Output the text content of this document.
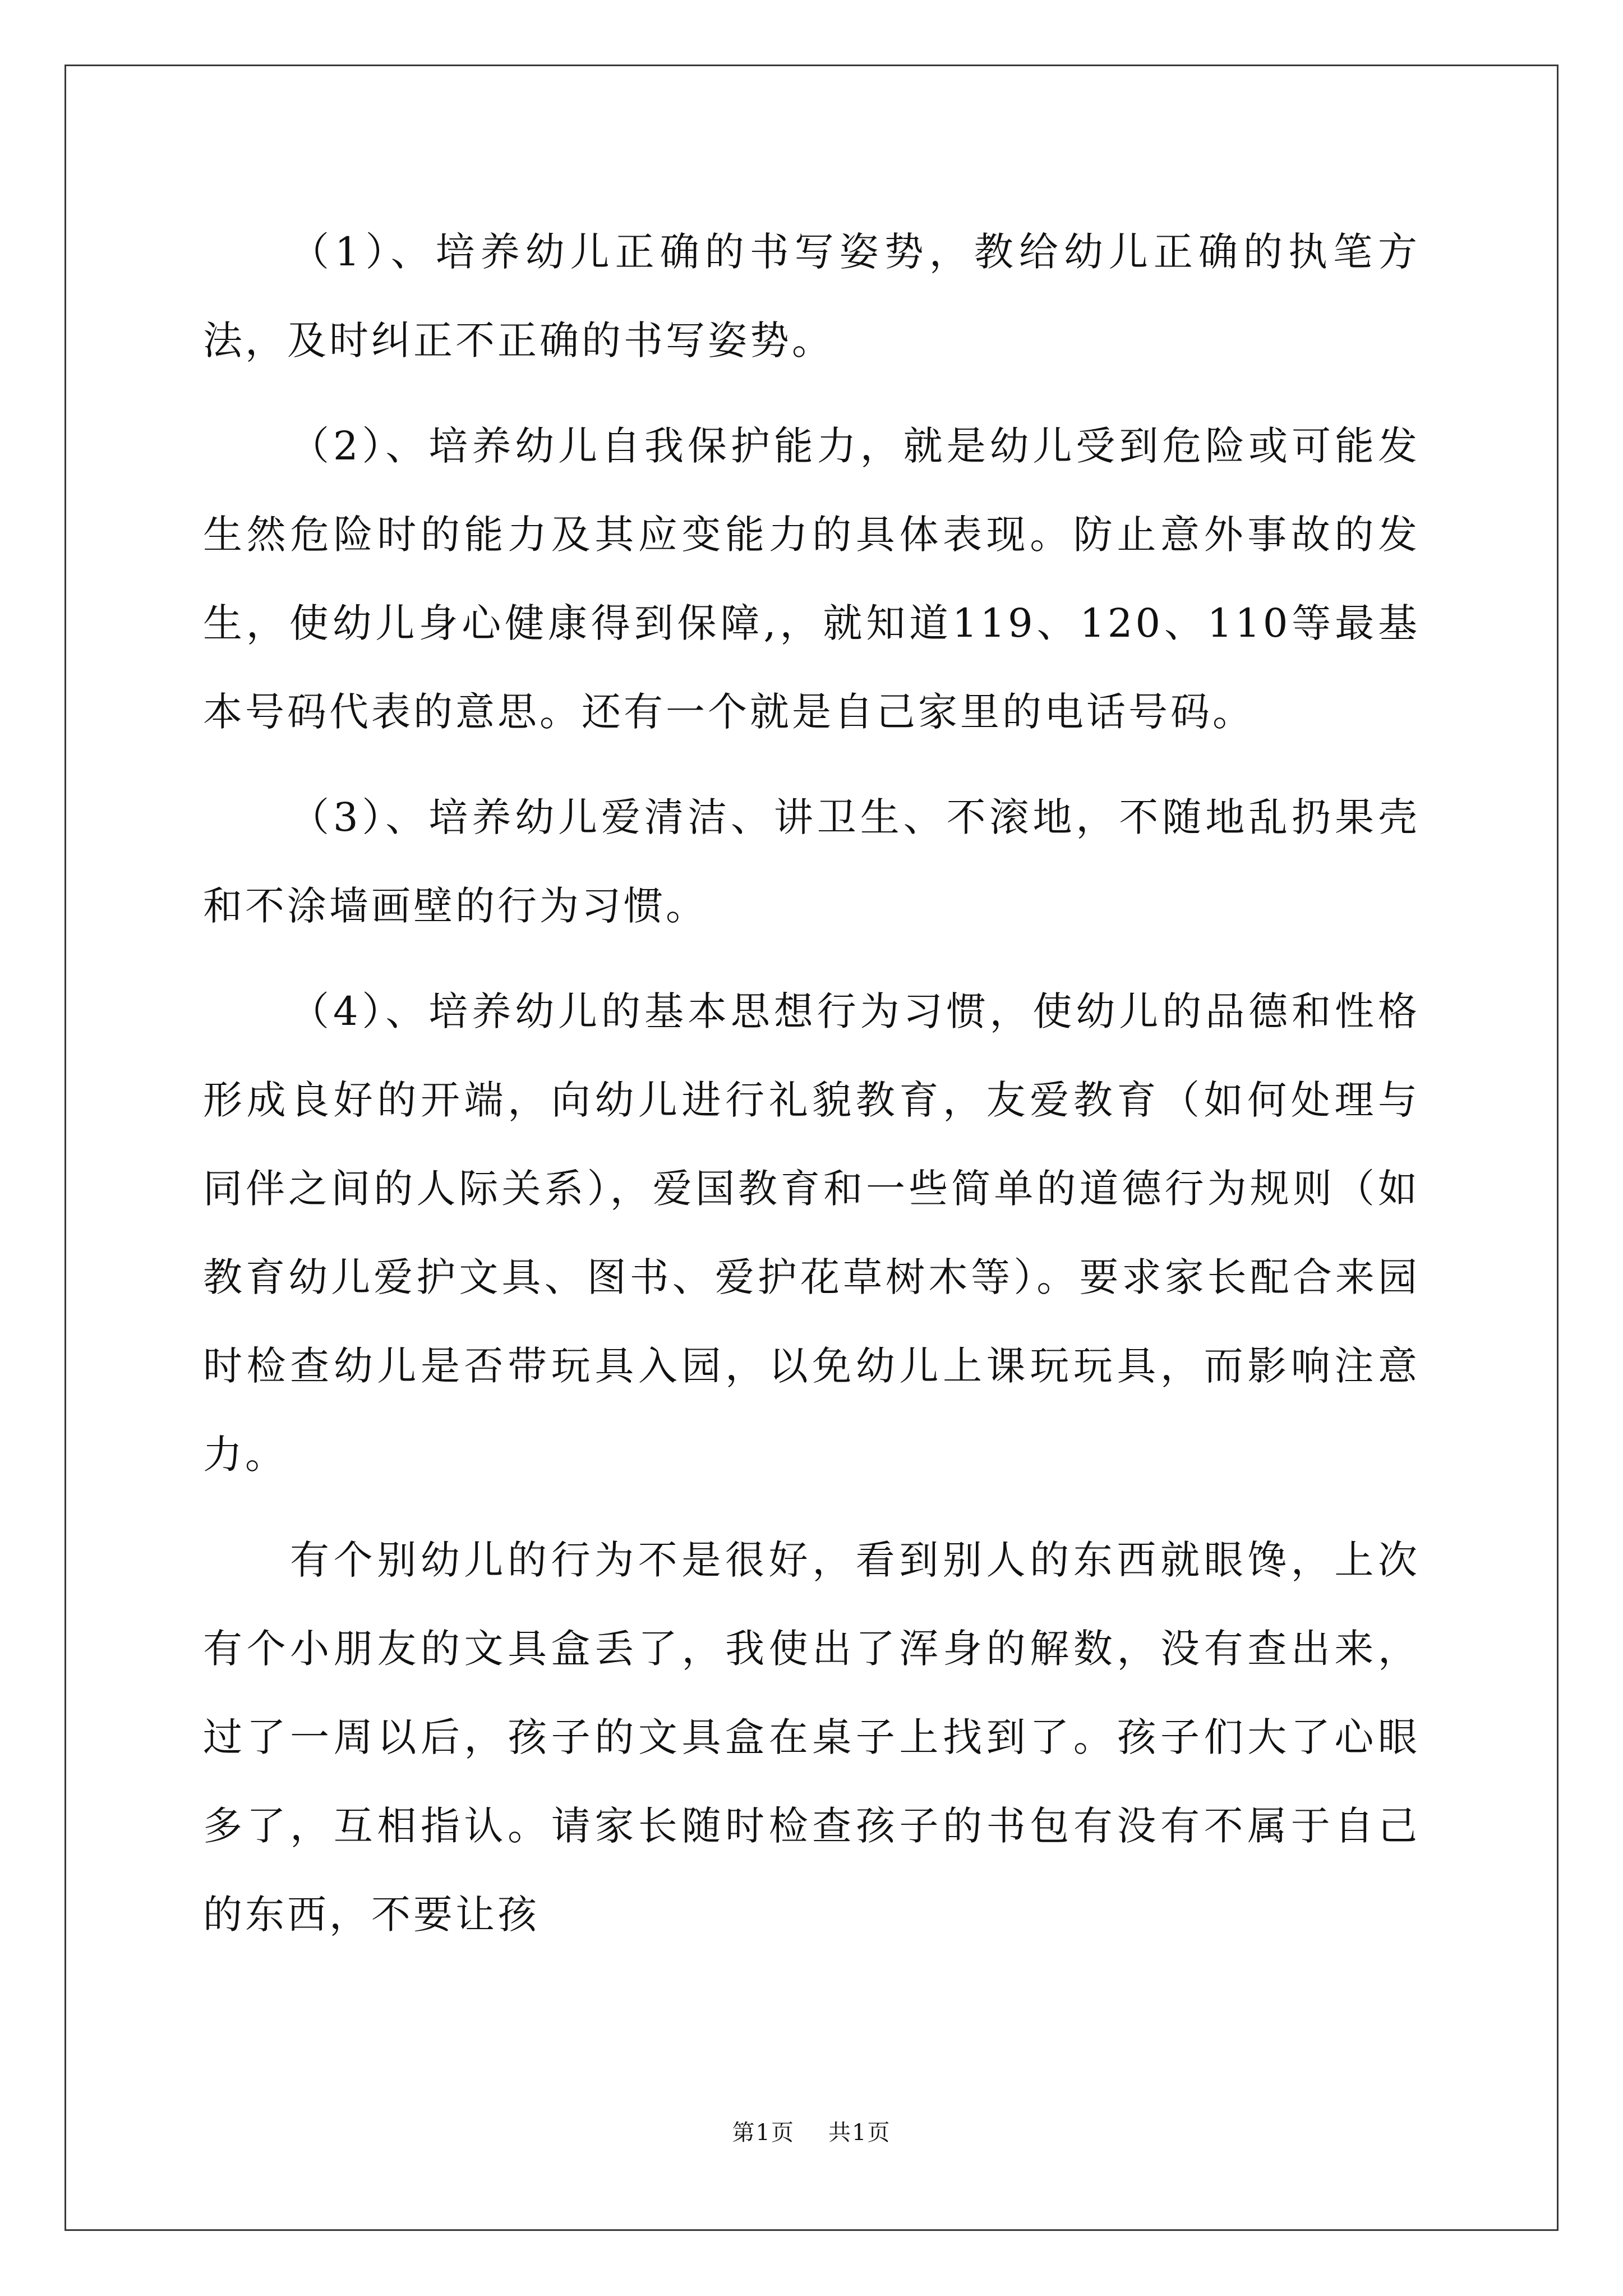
（1）、培养幼儿正确的书写姿势，教给幼儿正确的执笔方法，及时纠正不正确的书写姿势。

（2）、培养幼儿自我保护能力，就是幼儿受到危险或可能发生然危险时的能力及其应变能力的具体表现。防止意外事故的发生，使幼儿身心健康得到保障,，就知道119、120、110等最基本号码代表的意思。还有一个就是自己家里的电话号码。

（3）、培养幼儿爱清洁、讲卫生、不滚地，不随地乱扔果壳和不涂墙画壁的行为习惯。

（4）、培养幼儿的基本思想行为习惯，使幼儿的品德和性格形成良好的开端，向幼儿进行礼貌教育，友爱教育（如何处理与同伴之间的人际关系），爱国教育和一些简单的道德行为规则（如教育幼儿爱护文具、图书、爱护花草树木等）。要求家长配合来园时检查幼儿是否带玩具入园，以免幼儿上课玩玩具，而影响注意力。

有个别幼儿的行为不是很好，看到别人的东西就眼馋，上次有个小朋友的文具盒丢了，我使出了浑身的解数，没有查出来，过了一周以后，孩子的文具盒在桌子上找到了。孩子们大了心眼多了，互相指认。请家长随时检查孩子的书包有没有不属于自己的东西，不要让孩

第1页 共1页
